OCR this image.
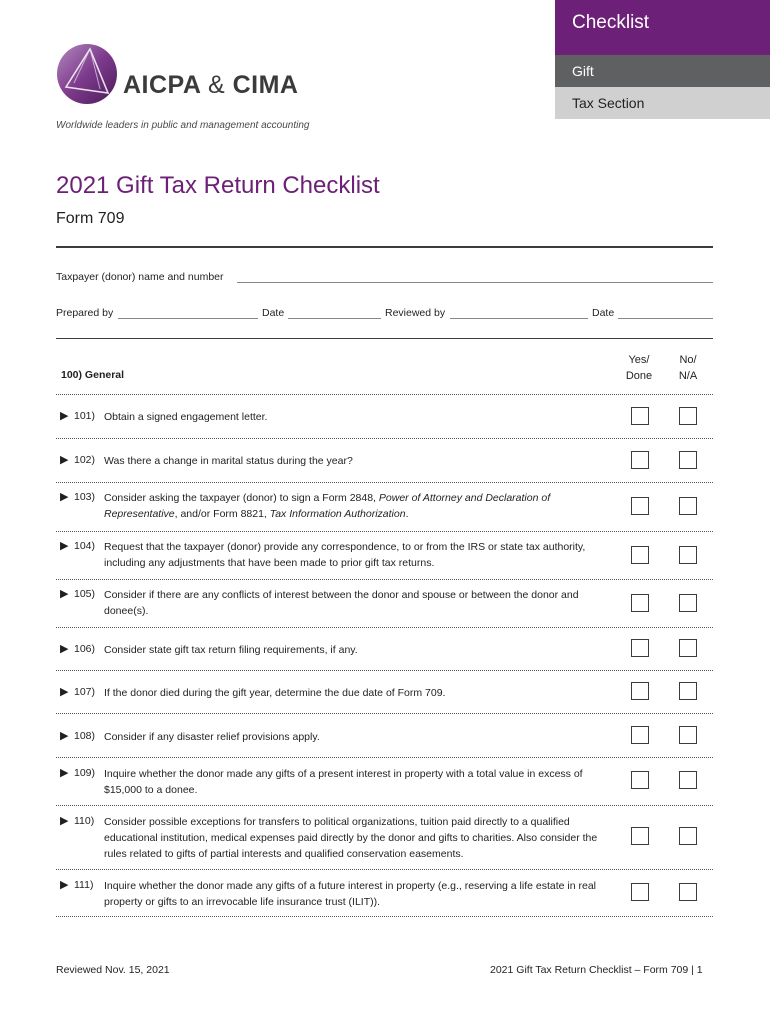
AICPA & CIMA
Worldwide leaders in public and management accounting
Checklist
Gift
Tax Section
2021 Gift Tax Return Checklist
Form 709
Taxpayer (donor) name and number
Prepared by	Date	Reviewed by	Date
100) General
Yes/
Done
No/
N/A
▶ 101) Obtain a signed engagement letter.
▶ 102) Was there a change in marital status during the year?
▶ 103) Consider asking the taxpayer (donor) to sign a Form 2848, Power of Attorney and Declaration of Representative, and/or Form 8821, Tax Information Authorization.
▶ 104) Request that the taxpayer (donor) provide any correspondence, to or from the IRS or state tax authority, including any adjustments that have been made to prior gift tax returns.
▶ 105) Consider if there are any conflicts of interest between the donor and spouse or between the donor and donee(s).
▶ 106) Consider state gift tax return filing requirements, if any.
▶ 107) If the donor died during the gift year, determine the due date of Form 709.
▶ 108) Consider if any disaster relief provisions apply.
▶ 109) Inquire whether the donor made any gifts of a present interest in property with a total value in excess of $15,000 to a donee.
▶ 110) Consider possible exceptions for transfers to political organizations, tuition paid directly to a qualified educational institution, medical expenses paid directly by the donor and gifts to charities. Also consider the rules related to gifts of partial interests and qualified conservation easements.
▶ 111) Inquire whether the donor made any gifts of a future interest in property (e.g., reserving a life estate in real property or gifts to an irrevocable life insurance trust (ILIT)).
Reviewed Nov. 15, 2021	2021 Gift Tax Return Checklist – Form 709 | 1
